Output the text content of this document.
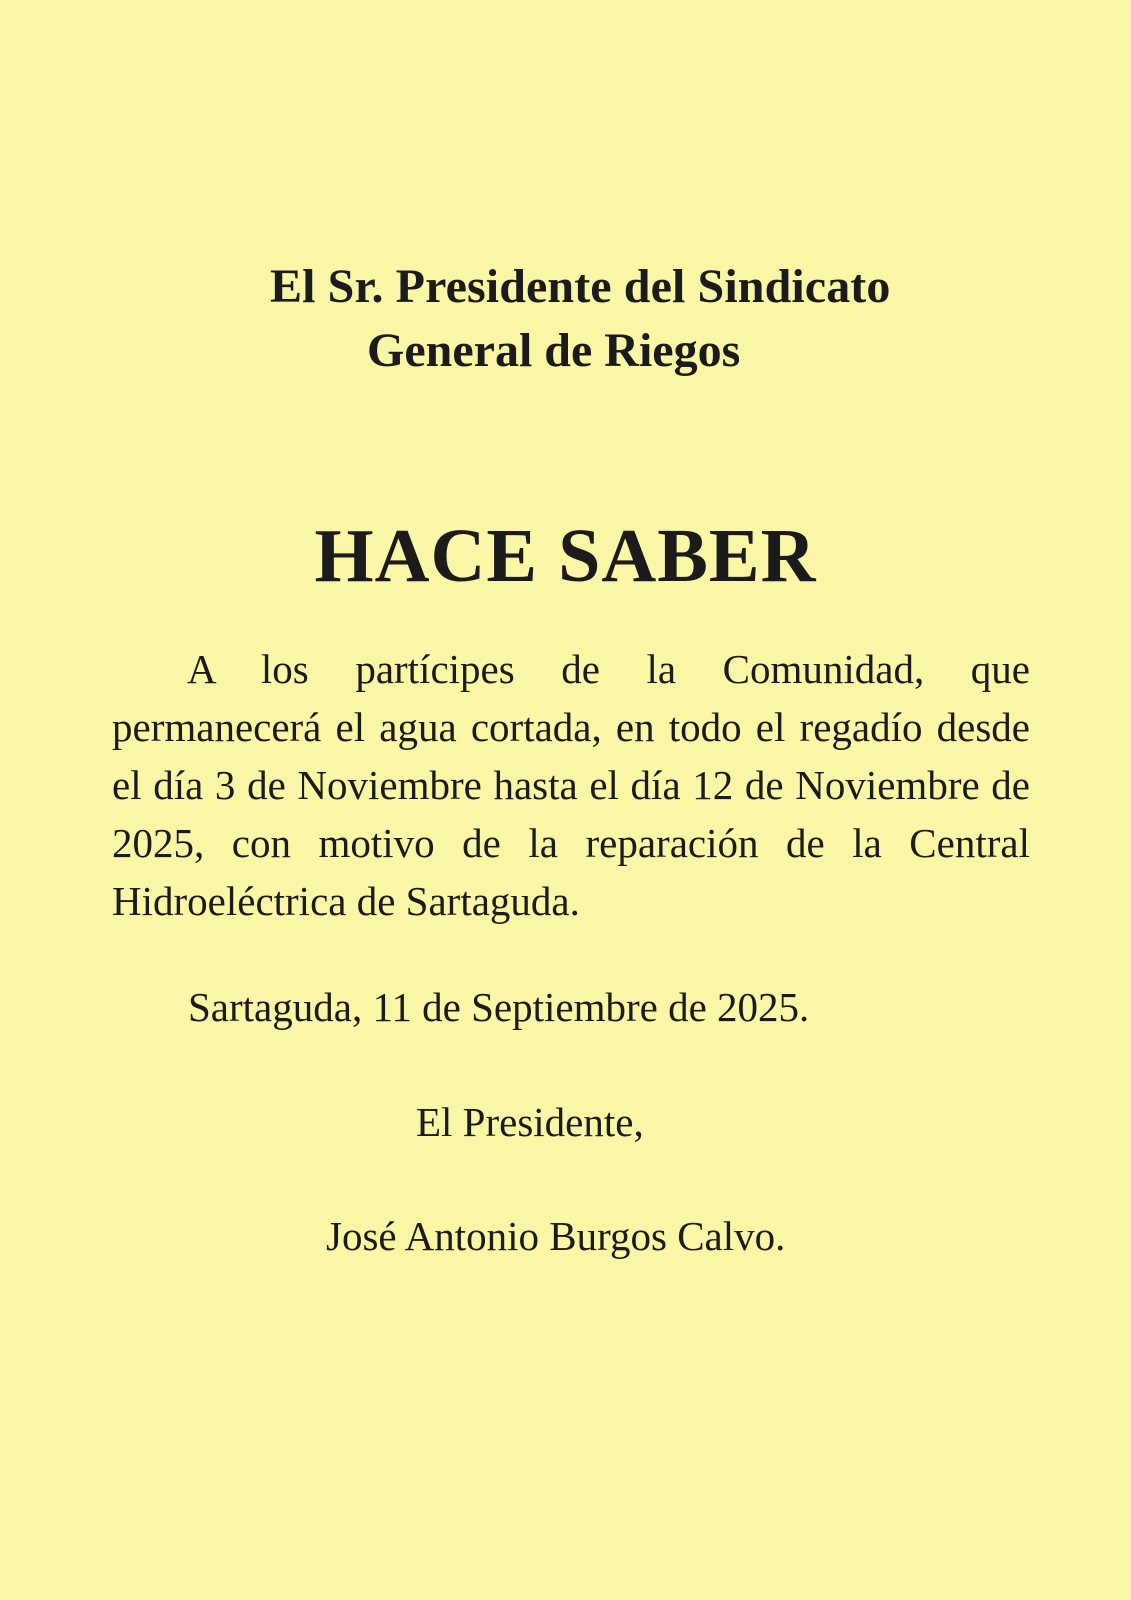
El Sr. Presidente del Sindicato
General de Riegos
HACE SABER
A los partícipes de la Comunidad, que permanecerá el agua cortada, en todo el regadío desde el día 3 de Noviembre hasta el día 12 de Noviembre de 2025, con motivo de la reparación de la Central Hidroeléctrica de Sartaguda.
Sartaguda, 11 de Septiembre de 2025.
El Presidente,
José Antonio Burgos Calvo.
